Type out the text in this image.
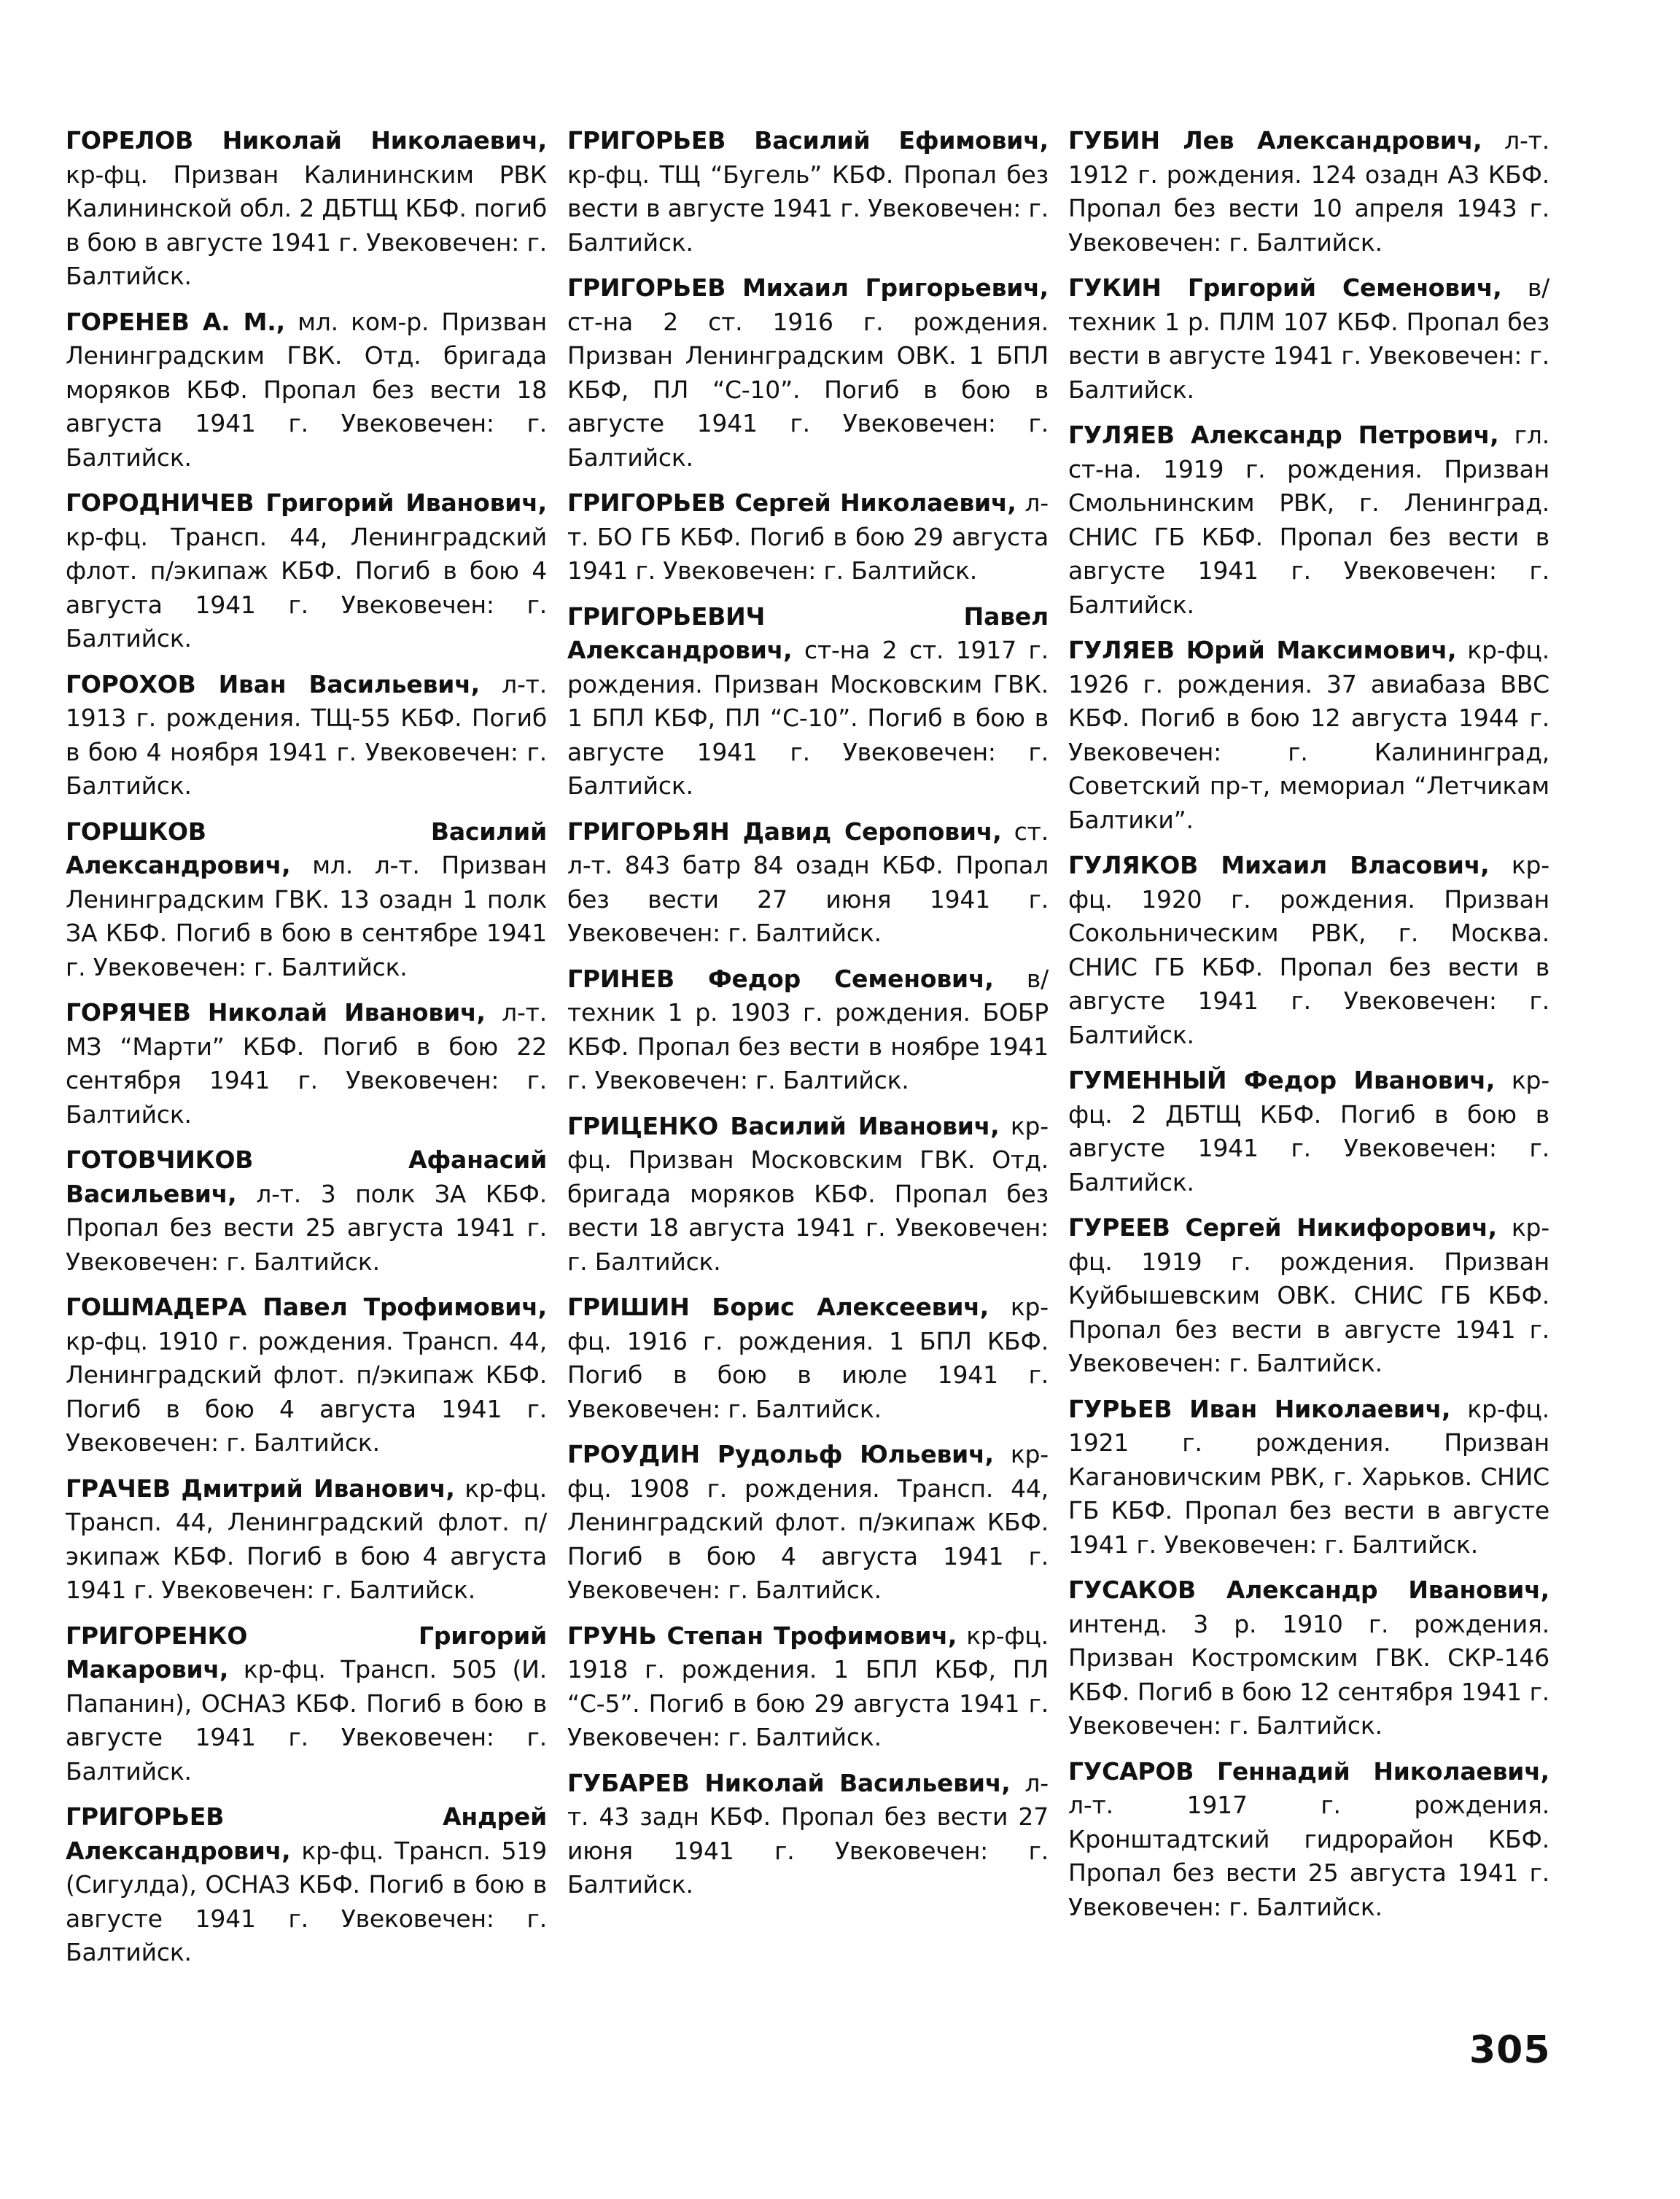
ГОРЕЛОВ Николай Николаевич, кр-фц. Призван Калининским РВК Калининской обл. 2 ДБТЩ КБФ. погиб в бою в августе 1941 г. Увековечен: г. Балтийск.

ГОРЕНЕВ А. М., мл. ком-р. Призван Ленинградским ГВК. Отд. бригада моряков КБФ. Пропал без вести 18 августа 1941 г. Увековечен: г. Балтийск.

ГОРОДНИЧЕВ Григорий Иванович, кр-фц. Трансп. 44, Ленинградский флот. п/экипаж КБФ. Погиб в бою 4 августа 1941 г. Увековечен: г. Балтийск.

ГОРОХОВ Иван Васильевич, л-т. 1913 г. рождения. ТЩ-55 КБФ. Погиб в бою 4 ноября 1941 г. Увековечен: г. Балтийск.

ГОРШКОВ Василий Александрович, мл. л-т. Призван Ленинградским ГВК. 13 озадн 1 полк ЗА КБФ. Погиб в бою в сентябре 1941 г. Увековечен: г. Балтийск.

ГОРЯЧЕВ Николай Иванович, л-т. МЗ “Марти” КБФ. Погиб в бою 22 сентября 1941 г. Увековечен: г. Балтийск.

ГОТОВЧИКОВ Афанасий Васильевич, л-т. 3 полк ЗА КБФ. Пропал без вести 25 августа 1941 г. Увековечен: г. Балтийск.

ГОШМАДЕРА Павел Трофимович, кр-фц. 1910 г. рождения. Трансп. 44, Ленинградский флот. п/экипаж КБФ. Погиб в бою 4 августа 1941 г. Увековечен: г. Балтийск.

ГРАЧЕВ Дмитрий Иванович, кр-фц. Трансп. 44, Ленинградский флот. п/экипаж КБФ. Погиб в бою 4 августа 1941 г. Увековечен: г. Балтийск.

ГРИГОРЕНКО Григорий Макарович, кр-фц. Трансп. 505 (И. Папанин), ОСНАЗ КБФ. Погиб в бою в августе 1941 г. Увековечен: г. Балтийск.

ГРИГОРЬЕВ Андрей Александрович, кр-фц. Трансп. 519 (Сигулда), ОСНАЗ КБФ. Погиб в бою в августе 1941 г. Увековечен: г. Балтийск.

ГРИГОРЬЕВ Василий Ефимович, кр-фц. ТЩ “Бугель” КБФ. Пропал без вести в августе 1941 г. Увековечен: г. Балтийск.

ГРИГОРЬЕВ Михаил Григорьевич, ст-на 2 ст. 1916 г. рождения. Призван Ленинградским ОВК. 1 БПЛ КБФ, ПЛ “С-10”. Погиб в бою в августе 1941 г. Увековечен: г. Балтийск.

ГРИГОРЬЕВ Сергей Николаевич, л-т. БО ГБ КБФ. Погиб в бою 29 августа 1941 г. Увековечен: г. Балтийск.

ГРИГОРЬЕВИЧ Павел Александрович, ст-на 2 ст. 1917 г. рождения. Призван Московским ГВК. 1 БПЛ КБФ, ПЛ “С-10”. Погиб в бою в августе 1941 г. Увековечен: г. Балтийск.

ГРИГОРЬЯН Давид Серопович, ст. л-т. 843 батр 84 озадн КБФ. Пропал без вести 27 июня 1941 г. Увековечен: г. Балтийск.

ГРИНЕВ Федор Семенович, в/техник 1 р. 1903 г. рождения. БОБР КБФ. Пропал без вести в ноябре 1941 г. Увековечен: г. Балтийск.

ГРИЦЕНКО Василий Иванович, кр-фц. Призван Московским ГВК. Отд. бригада моряков КБФ. Пропал без вести 18 августа 1941 г. Увековечен: г. Балтийск.

ГРИШИН Борис Алексеевич, кр-фц. 1916 г. рождения. 1 БПЛ КБФ. Погиб в бою в июле 1941 г. Увековечен: г. Балтийск.

ГРОУДИН Рудольф Юльевич, кр-фц. 1908 г. рождения. Трансп. 44, Ленинградский флот. п/экипаж КБФ. Погиб в бою 4 августа 1941 г. Увековечен: г. Балтийск.

ГРУНЬ Степан Трофимович, кр-фц. 1918 г. рождения. 1 БПЛ КБФ, ПЛ “С-5”. Погиб в бою 29 августа 1941 г. Увековечен: г. Балтийск.

ГУБАРЕВ Николай Васильевич, л-т. 43 задн КБФ. Пропал без вести 27 июня 1941 г. Увековечен: г. Балтийск.

ГУБИН Лев Александрович, л-т. 1912 г. рождения. 124 озадн АЗ КБФ. Пропал без вести 10 апреля 1943 г. Увековечен: г. Балтийск.

ГУКИН Григорий Семенович, в/техник 1 р. ПЛМ 107 КБФ. Пропал без вести в августе 1941 г. Увековечен: г. Балтийск.

ГУЛЯЕВ Александр Петрович, гл. ст-на. 1919 г. рождения. Призван Смольнинским РВК, г. Ленинград. СНИС ГБ КБФ. Пропал без вести в августе 1941 г. Увековечен: г. Балтийск.

ГУЛЯЕВ Юрий Максимович, кр-фц. 1926 г. рождения. 37 авиабаза ВВС КБФ. Погиб в бою 12 августа 1944 г. Увековечен: г. Калининград, Советский пр-т, мемориал “Летчикам Балтики”.

ГУЛЯКОВ Михаил Власович, кр-фц. 1920 г. рождения. Призван Сокольническим РВК, г. Москва. СНИС ГБ КБФ. Пропал без вести в августе 1941 г. Увековечен: г. Балтийск.

ГУМЕННЫЙ Федор Иванович, кр-фц. 2 ДБТЩ КБФ. Погиб в бою в августе 1941 г. Увековечен: г. Балтийск.

ГУРЕЕВ Сергей Никифорович, кр-фц. 1919 г. рождения. Призван Куйбышевским ОВК. СНИС ГБ КБФ. Пропал без вести в августе 1941 г. Увековечен: г. Балтийск.

ГУРЬЕВ Иван Николаевич, кр-фц. 1921 г. рождения. Призван Кагановичским РВК, г. Харьков. СНИС ГБ КБФ. Пропал без вести в августе 1941 г. Увековечен: г. Балтийск.

ГУСАКОВ Александр Иванович, интенд. 3 р. 1910 г. рождения. Призван Костромским ГВК. СКР-146 КБФ. Погиб в бою 12 сентября 1941 г. Увековечен: г. Балтийск.

ГУСАРОВ Геннадий Николаевич, л-т. 1917 г. рождения. Кронштадтский гидрорайон КБФ. Пропал без вести 25 августа 1941 г. Увековечен: г. Балтийск.

305
